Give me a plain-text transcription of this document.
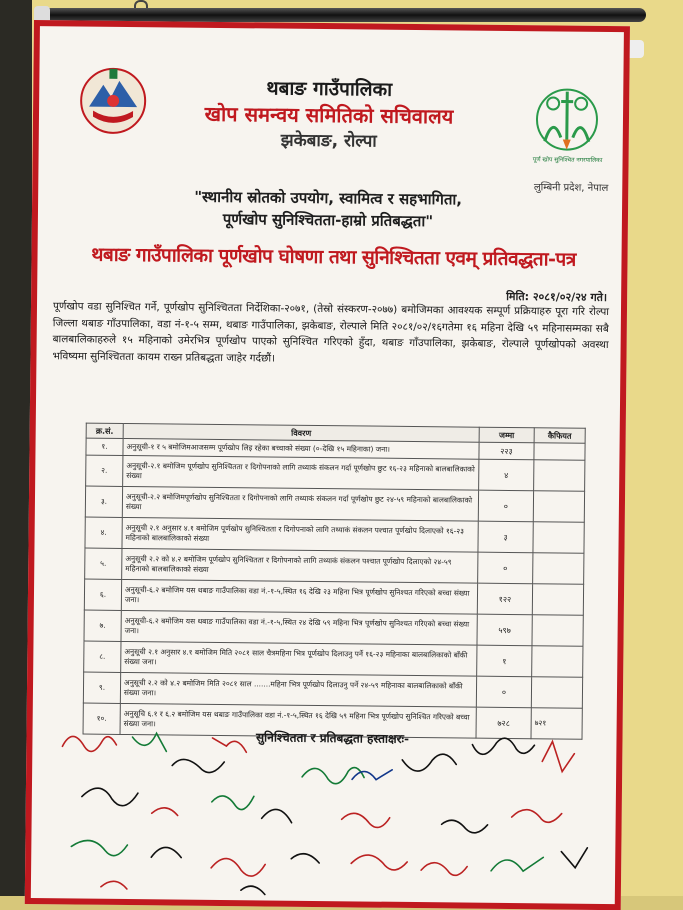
थबाङ गाउँपालिका
खोप समन्वय समितिको सचिवालय
झकेबाङ, रोल्पा
पूर्ण खोप सुनिश्चित नगरपालिका
लुम्बिनी प्रदेश, नेपाल
"स्थानीय स्रोतको उपयोग, स्वामित्व र सहभागिता,
पूर्णखोप सुनिश्चितता-हाम्रो प्रतिबद्धता"
थबाङ गाउँपालिका पूर्णखोप घोषणा तथा सुनिश्चितता एवम् प्रतिवद्धता-पत्र
मिति: २०८१/०२/२४ गते।
पूर्णखोप वडा सुनिश्चित गर्ने, पूर्णखोप सुनिश्चितता निर्देशिका-२०७१, (तेस्रो संस्करण-२०७७) बमोजिमका आवश्यक सम्पूर्ण प्रक्रियाहरु पूरा गरि रोल्पा जिल्ला थबाङ गाँउपालिका, वडा नं-१-५ सम्म, थबाङ गाउँपालिका, झकेबाङ, रोल्पाले मिति २०८१/०२/१६गतेमा १६ महिना देखि ५९ महिनासम्मका सबै बालबालिकाहरुले १५ महिनाको उमेरभित्र पूर्णखोप पाएको सुनिश्चित गरिएको हुँदा, थबाङ गाँउपालिका, झकेबाङ, रोल्पाले पूर्णखोपको अवस्था भविष्यमा सुनिश्चितता कायम राख्न प्रतिबद्धता जाहेर गर्दछौं।
क्र.सं.	विवरण	जम्मा	कैफियत
१.	अनुसूची-१ र ५ बमोजिमआजसम्म पूर्णखोप लिइ रहेका बच्चाको संख्या (०-देखि १५ महिनाका) जना।	२२३	
२.	अनुसूची-२.१ बमोजिम पूर्णखोप सुनिश्चितता र दिगोपनाको लागि तथ्याकं संकलन गर्दा पूर्णखोप छुट १६-२३ महिनाको बालबालिकाको संख्या	४	
३.	अनुसूची-२.२ बमोजिमपूर्णखोप सुनिश्चितता र दिगोपनाको लागि तथ्याकं संकलन गर्दा पूर्णखोप छुट २४-५९ महिनाको बालबालिकाको संख्या	०	
४.	अनुसूची २.१ अनुसार ४.१ बमोजिम पूर्णखोप सुनिश्चितता र दिगोपनाको लागि तथ्याकं संकलन पश्चात पूर्णखोप दिलाएको १६-२३ महिनाको बालबालिकाको संख्या	३	
५.	अनुसूची २.२ को ४.२ बमोजिम पूर्णखोप सुनिश्चितता र दिगोपनाको लागि तथ्याकं संकलन पश्चात पूर्णखोप दिलाएको २४-५९ महिनाको बालबालिकाको संख्या	०	
६.	अनुसूची-६.२ बमोजिम यस थबाङ गाउँपालिका वडा नं.-१-५,स्थित १६ देखि २३ महिना भित्र पूर्णखोप सुनिश्चत गरिएको बच्चा संख्या जना।	१२२	
७.	अनुसूची-६.२ बमोजिम यस थबाङ गाउँपालिका वडा नं.-१-५,स्थित २४ देखि ५९ महिना भित्र पूर्णखोप सुनिश्चत गरिएको बच्चा संख्या जना।	५९७	
८.	अनुसूची २.१ अनुसार ४.१ बमोजिम मिति २०८१ साल चैत्रमहिना भित्र पूर्णखोप दिलाउनु पर्ने १६-२३ महिनाका बालबालिकाको बाँकी संख्या जना।	१	
९.	अनुसूची २.२ को ४.२ बमोजिम मिति २०८१ साल .......महिना भित्र पूर्णखोप दिलाउनु पर्ने २४-५९ महिनाका बालबालिकाको बाँकी संख्या जना।	०	
१०.	अनुसूचि ६.१ र ६.२ बमोजिम यस थबाङ गाउँपालिका वडा नं.-१-५,स्थित १६ देखि ५९ महिना भित्र पूर्णखोप सुनिश्चित गरिएको बच्चा संख्या जना।	७२८	७२१
सुनिश्चितता र प्रतिबद्धता हस्ताक्षरः-
